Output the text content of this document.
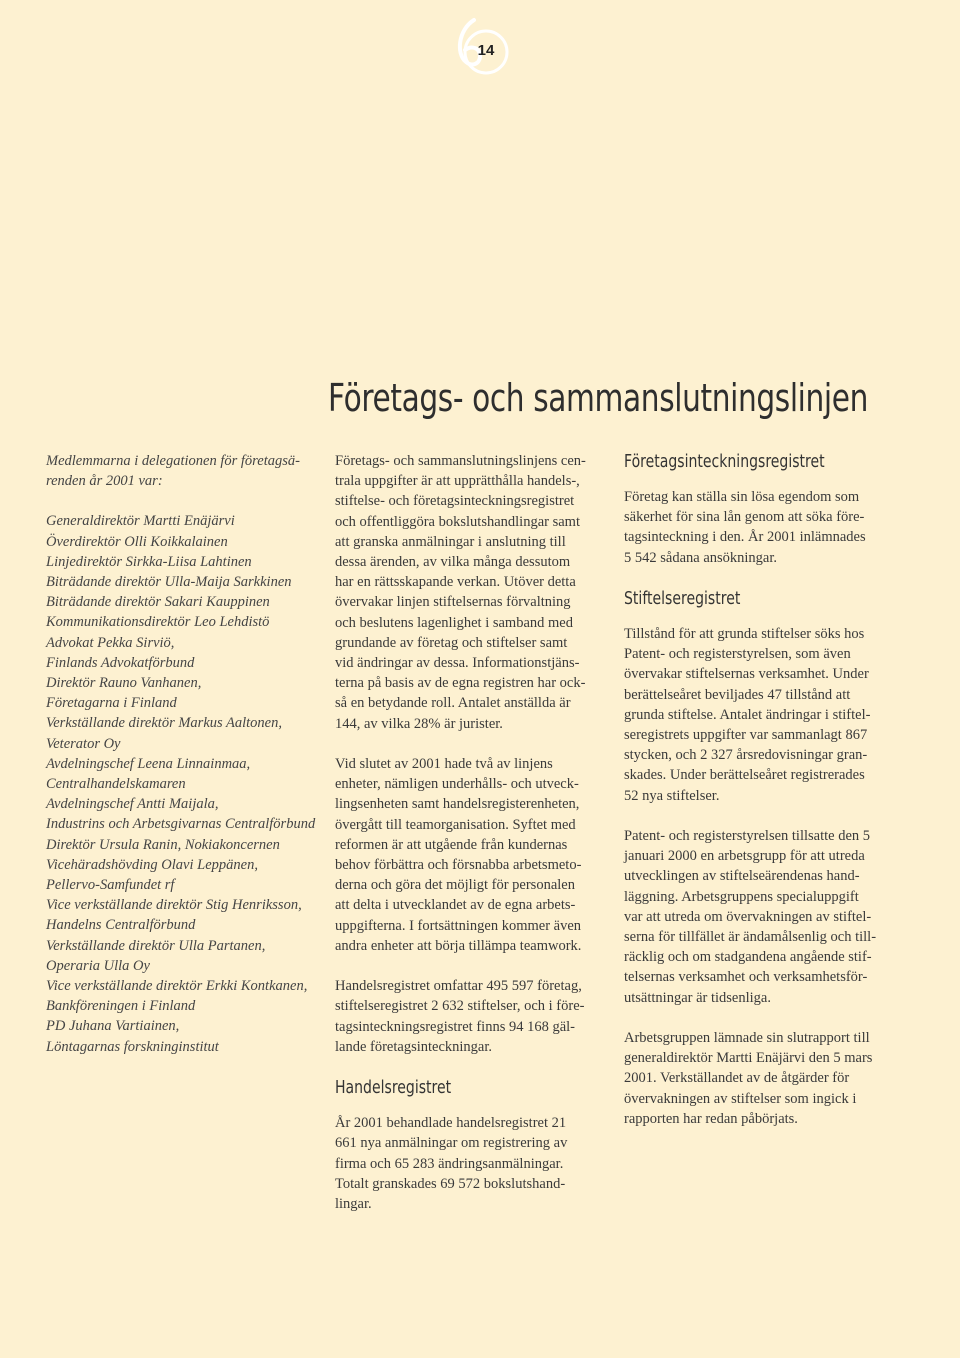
14
Företags- och sammanslutningslinjen

Medlemmarna i delegationen för företagsä-
renden år 2001 var:

Generaldirektör Martti Enäjärvi
Överdirektör Olli Koikkalainen
Linjedirektör Sirkka-Liisa Lahtinen
Biträdande direktör Ulla-Maija Sarkkinen
Biträdande direktör Sakari Kauppinen
Kommunikationsdirektör Leo Lehdistö
Advokat Pekka Sirviö,
Finlands Advokatförbund
Direktör Rauno Vanhanen,
Företagarna i Finland
Verkställande direktör Markus Aaltonen,
Veterator Oy
Avdelningschef Leena Linnainmaa,
Centralhandelskamaren
Avdelningschef Antti Maijala,
Industrins och Arbetsgivarnas Centralförbund
Direktör Ursula Ranin, Nokiakoncernen
Vicehäradshövding Olavi Leppänen,
Pellervo-Samfundet rf
Vice verkställande direktör Stig Henriksson,
Handelns Centralförbund
Verkställande direktör Ulla Partanen,
Operaria Ulla Oy
Vice verkställande direktör Erkki Kontkanen,
Bankföreningen i Finland
PD Juhana Vartiainen,
Löntagarnas forskninginstitut

Företags- och sammanslutningslinjens cen-
trala uppgifter är att upprätthålla handels-,
stiftelse- och företagsinteckningsregistret
och offentliggöra bokslutshandlingar samt
att granska anmälningar i anslutning till
dessa ärenden, av vilka många dessutom
har en rättsskapande verkan. Utöver detta
övervakar linjen stiftelsernas förvaltning
och beslutens lagenlighet i samband med
grundande av företag och stiftelser samt
vid ändringar av dessa. Informationstjäns-
terna på basis av de egna registren har ock-
så en betydande roll. Antalet anställda är
144, av vilka 28% är jurister.

Vid slutet av 2001 hade två av linjens
enheter, nämligen underhålls- och utveck-
lingsenheten samt handelsregisterenheten,
övergått till teamorganisation. Syftet med
reformen är att utgående från kundernas
behov förbättra och försnabba arbetsmeto-
derna och göra det möjligt för personalen
att delta i utvecklandet av de egna arbets-
uppgifterna. I fortsättningen kommer även
andra enheter att börja tillämpa teamwork.

Handelsregistret omfattar 495 597 företag,
stiftelseregistret 2 632 stiftelser, och i före-
tagsinteckningsregistret finns 94 168 gäl-
lande företagsinteckningar.

Handelsregistret

År 2001 behandlade handelsregistret 21
661 nya anmälningar om registrering av
firma och 65 283 ändringsanmälningar.
Totalt granskades 69 572 bokslutshand-
lingar.

Företagsinteckningsregistret

Företag kan ställa sin lösa egendom som
säkerhet för sina lån genom att söka före-
tagsinteckning i den. År 2001 inlämnades
5 542 sådana ansökningar.

Stiftelseregistret

Tillstånd för att grunda stiftelser söks hos
Patent- och registerstyrelsen, som även
övervakar stiftelsernas verksamhet. Under
berättelseåret beviljades 47 tillstånd att
grunda stiftelse. Antalet ändringar i stiftel-
seregistrets uppgifter var sammanlagt 867
stycken, och 2 327 årsredovisningar gran-
skades. Under berättelseåret registrerades
52 nya stiftelser.

Patent- och registerstyrelsen tillsatte den 5
januari 2000 en arbetsgrupp för att utreda
utvecklingen av stiftelseärendenas hand-
läggning. Arbetsgruppens specialuppgift
var att utreda om övervakningen av stiftel-
serna för tillfället är ändamålsenlig och till-
räcklig och om stadgandena angående stif-
telsernas verksamhet och verksamhetsför-
utsättningar är tidsenliga.

Arbetsgruppen lämnade sin slutrapport till
generaldirektör Martti Enäjärvi den 5 mars
2001. Verkställandet av de åtgärder för
övervakningen av stiftelser som ingick i
rapporten har redan påbörjats.
